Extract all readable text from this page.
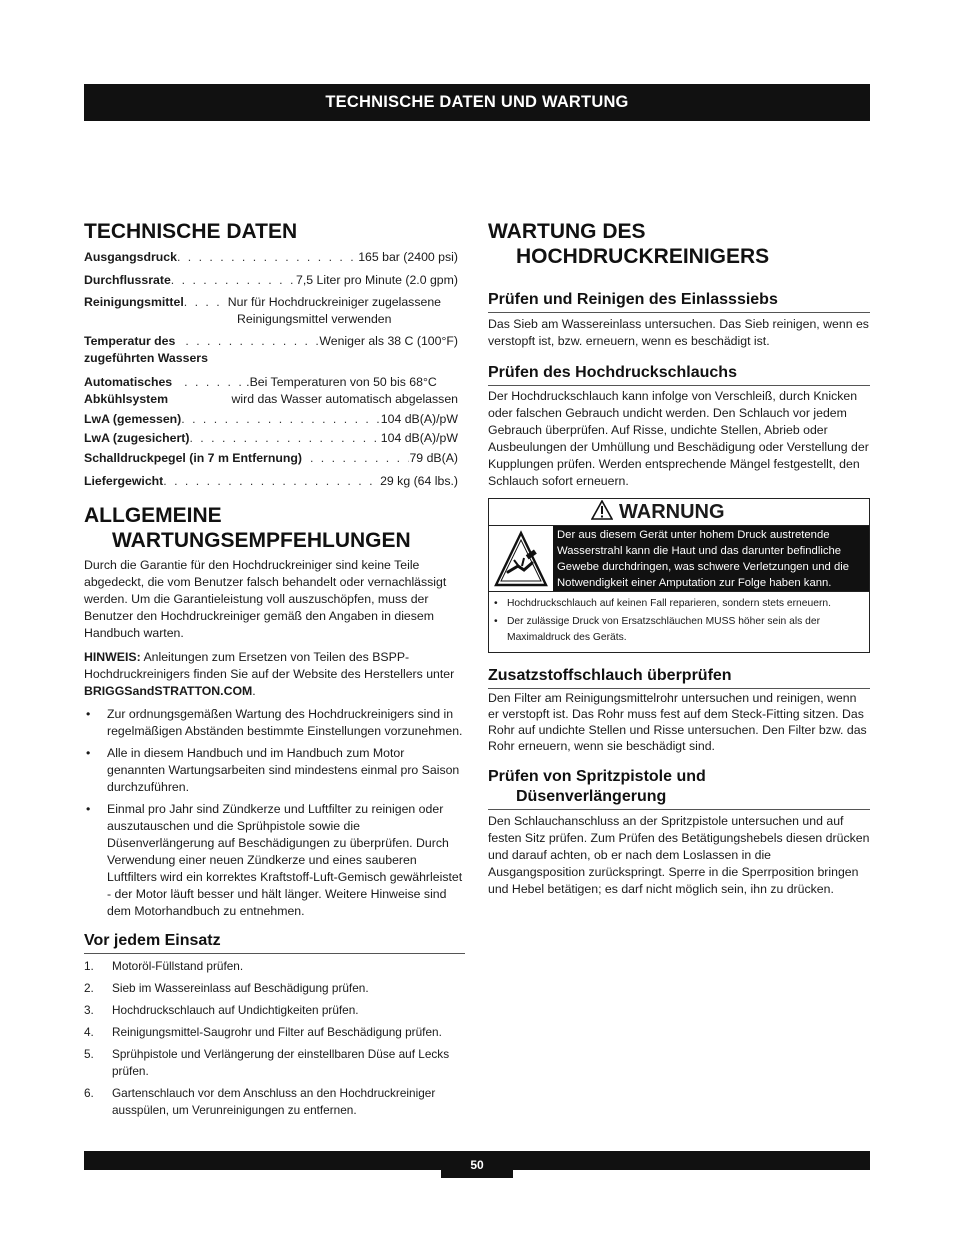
TECHNISCHE DATEN UND WARTUNG
TECHNISCHE DATEN
Ausgangsdruck . . .	165 bar (2400 psi)
Durchflussrate . . .	7,5 Liter pro Minute (2.0 gpm)
Reinigungsmittel . . .	Nur für Hochdruckreiniger zugelassene
Reinigungsmittel verwenden
Temperatur des . . .	Weniger als 38 C (100°F)
zugeführten Wassers
Automatisches . . .	.Bei Temperaturen von 50 bis 68°C
Abkühlsystem	wird das Wasser automatisch abgelassen
LwA (gemessen) . . .	104 dB(A)/pW
LwA (zugesichert) . . .	104 dB(A)/pW
Schalldruckpegel (in 7 m Entfernung) . . .	79 dB(A)
Liefergewicht . . .	29 kg (64 lbs.)
ALLGEMEINE
WARTUNGSEMPFEHLUNGEN

Durch die Garantie für den Hochdruckreiniger sind keine Teile abgedeckt, die vom Benutzer falsch behandelt oder vernachlässigt werden. Um die Garantieleistung voll auszuschöpfen, muss der Benutzer den Hochdruckreiniger gemäß den Angaben in diesem Handbuch warten.

HINWEIS: Anleitungen zum Ersetzen von Teilen des BSPP-Hochdruckreinigers finden Sie auf der Website des Herstellers unter BRIGGSandSTRATTON.COM.

• Zur ordnungsgemäßen Wartung des Hochdruckreinigers sind in regelmäßigen Abständen bestimmte Einstellungen vorzunehmen.
• Alle in diesem Handbuch und im Handbuch zum Motor genannten Wartungsarbeiten sind mindestens einmal pro Saison durchzuführen.
• Einmal pro Jahr sind Zündkerze und Luftfilter zu reinigen oder auszutauschen und die Sprühpistole sowie die Düsenverlängerung auf Beschädigungen zu überprüfen. Durch Verwendung einer neuen Zündkerze und eines sauberen Luftfilters wird ein korrektes Kraftstoff-Luft-Gemisch gewährleistet - der Motor läuft besser und hält länger. Weitere Hinweise sind dem Motorhandbuch zu entnehmen.
Vor jedem Einsatz
1. Motoröl-Füllstand prüfen.
2. Sieb im Wassereinlass auf Beschädigung prüfen.
3. Hochdruckschlauch auf Undichtigkeiten prüfen.
4. Reinigungsmittel-Saugrohr und Filter auf Beschädigung prüfen.
5. Sprühpistole und Verlängerung der einstellbaren Düse auf Lecks prüfen.
6. Gartenschlauch vor dem Anschluss an den Hochdruckreiniger ausspülen, um Verunreinigungen zu entfernen.
WARTUNG DES
HOCHDRUCKREINIGERS
Prüfen und Reinigen des Einlasssiebs

Das Sieb am Wassereinlass untersuchen. Das Sieb reinigen, wenn es verstopft ist, bzw. erneuern, wenn es beschädigt ist.

Prüfen des Hochdruckschlauchs

Der Hochdruckschlauch kann infolge von Verschleiß, durch Knicken oder falschen Gebrauch undicht werden. Den Schlauch vor jedem Gebrauch überprüfen. Auf Risse, undichte Stellen, Abrieb oder Ausbeulungen der Umhüllung und Beschädigung oder Verstellung der Kupplungen prüfen. Werden entsprechende Mängel festgestellt, den Schlauch sofort erneuern.

WARNUNG
Der aus diesem Gerät unter hohem Druck austretende Wasserstrahl kann die Haut und das darunter befindliche Gewebe durchdringen, was schwere Verletzungen und die Notwendigkeit einer Amputation zur Folge haben kann.
• Hochdruckschlauch auf keinen Fall reparieren, sondern stets erneuern.
• Der zulässige Druck von Ersatzschläuchen MUSS höher sein als der Maximaldruck des Geräts.
Zusatzstoffschlauch überprüfen

Den Filter am Reinigungsmittelrohr untersuchen und reinigen, wenn er verstopft ist. Das Rohr muss fest auf dem Steck-Fitting sitzen. Das Rohr auf undichte Stellen und Risse untersuchen. Den Filter bzw. das Rohr erneuern, wenn sie beschädigt sind.

Prüfen von Spritzpistole und
Düsenverlängerung

Den Schlauchanschluss an der Spritzpistole untersuchen und auf festen Sitz prüfen. Zum Prüfen des Betätigungshebels diesen drücken und darauf achten, ob er nach dem Loslassen in die Ausgangsposition zurückspringt. Sperre in die Sperrposition bringen und Hebel betätigen; es darf nicht möglich sein, ihn zu drücken.

50
